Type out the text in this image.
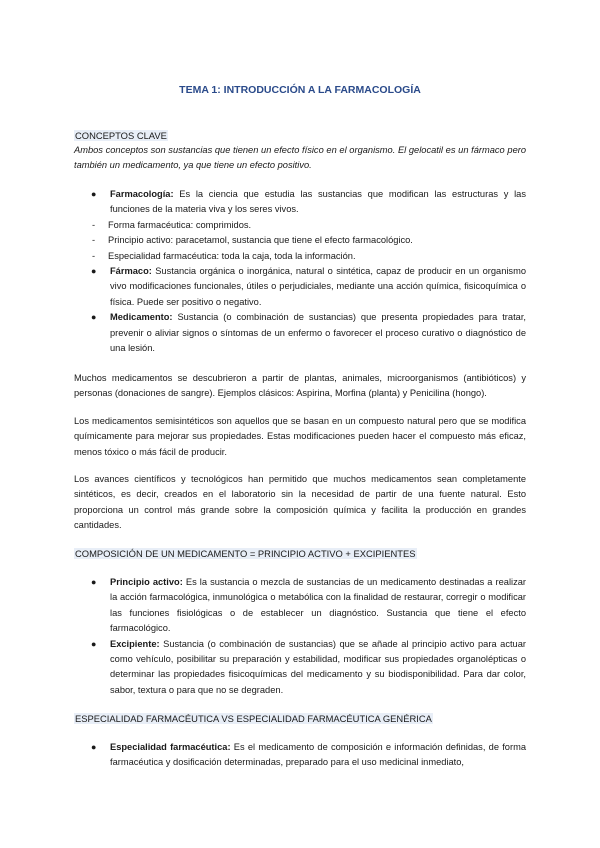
TEMA 1: INTRODUCCIÓN A LA FARMACOLOGÍA
CONCEPTOS CLAVE

Ambos conceptos son sustancias que tienen un efecto físico en el organismo. El gelocatil es un fármaco pero también un medicamento, ya que tiene un efecto positivo.

● Farmacología: Es la ciencia que estudia las sustancias que modifican las estructuras y las funciones de la materia viva y los seres vivos.
- Forma farmacéutica: comprimidos.
- Principio activo: paracetamol, sustancia que tiene el efecto farmacológico.
- Especialidad farmacéutica: toda la caja, toda la información.
● Fármaco: Sustancia orgánica o inorgánica, natural o sintética, capaz de producir en un organismo vivo modificaciones funcionales, útiles o perjudiciales, mediante una acción química, fisicoquímica o física. Puede ser positivo o negativo.
● Medicamento: Sustancia (o combinación de sustancias) que presenta propiedades para tratar, prevenir o aliviar signos o síntomas de un enfermo o favorecer el proceso curativo o diagnóstico de una lesión.

Muchos medicamentos se descubrieron a partir de plantas, animales, microorganismos (antibióticos) y personas (donaciones de sangre). Ejemplos clásicos: Aspirina, Morfina (planta) y Penicilina (hongo).

Los medicamentos semisintéticos son aquellos que se basan en un compuesto natural pero que se modifica químicamente para mejorar sus propiedades. Estas modificaciones pueden hacer el compuesto más eficaz, menos tóxico o más fácil de producir.

Los avances científicos y tecnológicos han permitido que muchos medicamentos sean completamente sintéticos, es decir, creados en el laboratorio sin la necesidad de partir de una fuente natural. Esto proporciona un control más grande sobre la composición química y facilita la producción en grandes cantidades.

COMPOSICIÓN DE UN MEDICAMENTO = PRINCIPIO ACTIVO + EXCIPIENTES
● Principio activo: Es la sustancia o mezcla de sustancias de un medicamento destinadas a realizar la acción farmacológica, inmunológica o metabólica con la finalidad de restaurar, corregir o modificar las funciones fisiológicas o de establecer un diagnóstico. Sustancia que tiene el efecto farmacológico.
● Excipiente: Sustancia (o combinación de sustancias) que se añade al principio activo para actuar como vehículo, posibilitar su preparación y estabilidad, modificar sus propiedades organolépticas o determinar las propiedades fisicoquímicas del medicamento y su biodisponibilidad. Para dar color, sabor, textura o para que no se degraden.
ESPECIALIDAD FARMACÉUTICA VS ESPECIALIDAD FARMACÉUTICA GENÉRICA
● Especialidad farmacéutica: Es el medicamento de composición e información definidas, de forma farmacéutica y dosificación determinadas, preparado para el uso medicinal inmediato,
